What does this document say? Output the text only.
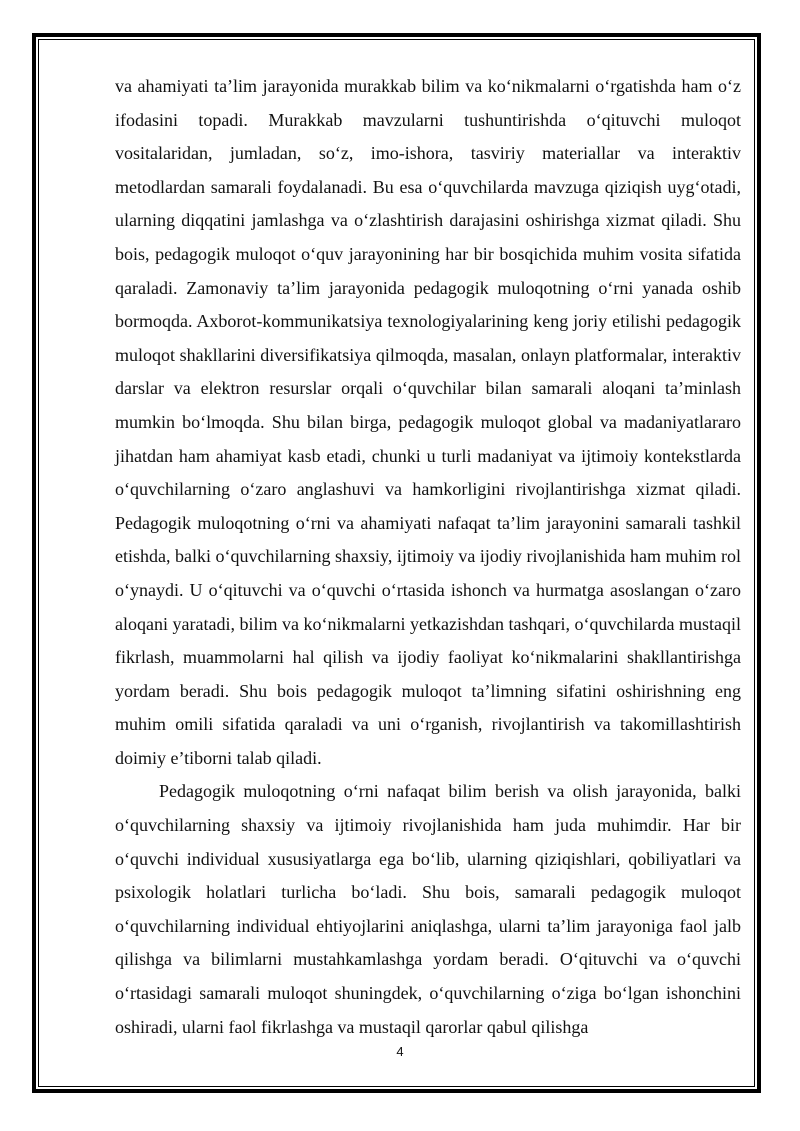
va ahamiyati ta’lim jarayonida murakkab bilim va ko‘nikmalarni o‘rgatishda ham o‘z ifodasini topadi. Murakkab mavzularni tushuntirishda o‘qituvchi muloqot vositalaridan, jumladan, so‘z, imo-ishora, tasviriy materiallar va interaktiv metodlardan samarali foydalanadi. Bu esa o‘quvchilarda mavzuga qiziqish uyg‘otadi, ularning diqqatini jamlashga va o‘zlashtirish darajasini oshirishga xizmat qiladi. Shu bois, pedagogik muloqot o‘quv jarayonining har bir bosqichida muhim vosita sifatida qaraladi. Zamonaviy ta’lim jarayonida pedagogik muloqotning o‘rni yanada oshib bormoqda. Axborot-kommunikatsiya texnologiyalarining keng joriy etilishi pedagogik muloqot shakllarini diversifikatsiya qilmoqda, masalan, onlayn platformalar, interaktiv darslar va elektron resurslar orqali o‘quvchilar bilan samarali aloqani ta’minlash mumkin bo‘lmoqda. Shu bilan birga, pedagogik muloqot global va madaniyatlararo jihatdan ham ahamiyat kasb etadi, chunki u turli madaniyat va ijtimoiy kontekstlarda o‘quvchilarning o‘zaro anglashuvi va hamkorligini rivojlantirishga xizmat qiladi. Pedagogik muloqotning o‘rni va ahamiyati nafaqat ta’lim jarayonini samarali tashkil etishda, balki o‘quvchilarning shaxsiy, ijtimoiy va ijodiy rivojlanishida ham muhim rol o‘ynaydi. U o‘qituvchi va o‘quvchi o‘rtasida ishonch va hurmatga asoslangan o‘zaro aloqani yaratadi, bilim va ko‘nikmalarni yetkazishdan tashqari, o‘quvchilarda mustaqil fikrlash, muammolarni hal qilish va ijodiy faoliyat ko‘nikmalarini shakllantirishga yordam beradi. Shu bois pedagogik muloqot ta’limning sifatini oshirishning eng muhim omili sifatida qaraladi va uni o‘rganish, rivojlantirish va takomillashtirish doimiy e’tiborni talab qiladi.

Pedagogik muloqotning o‘rni nafaqat bilim berish va olish jarayonida, balki o‘quvchilarning shaxsiy va ijtimoiy rivojlanishida ham juda muhimdir. Har bir o‘quvchi individual xususiyatlarga ega bo‘lib, ularning qiziqishlari, qobiliyatlari va psixologik holatlari turlicha bo‘ladi. Shu bois, samarali pedagogik muloqot o‘quvchilarning individual ehtiyojlarini aniqlashga, ularni ta’lim jarayoniga faol jalb qilishga va bilimlarni mustahkamlashga yordam beradi. O‘qituvchi va o‘quvchi o‘rtasidagi samarali muloqot shuningdek, o‘quvchilarning o‘ziga bo‘lgan ishonchini oshiradi, ularni faol fikrlashga va mustaqil qarorlar qabul qilishga

4
